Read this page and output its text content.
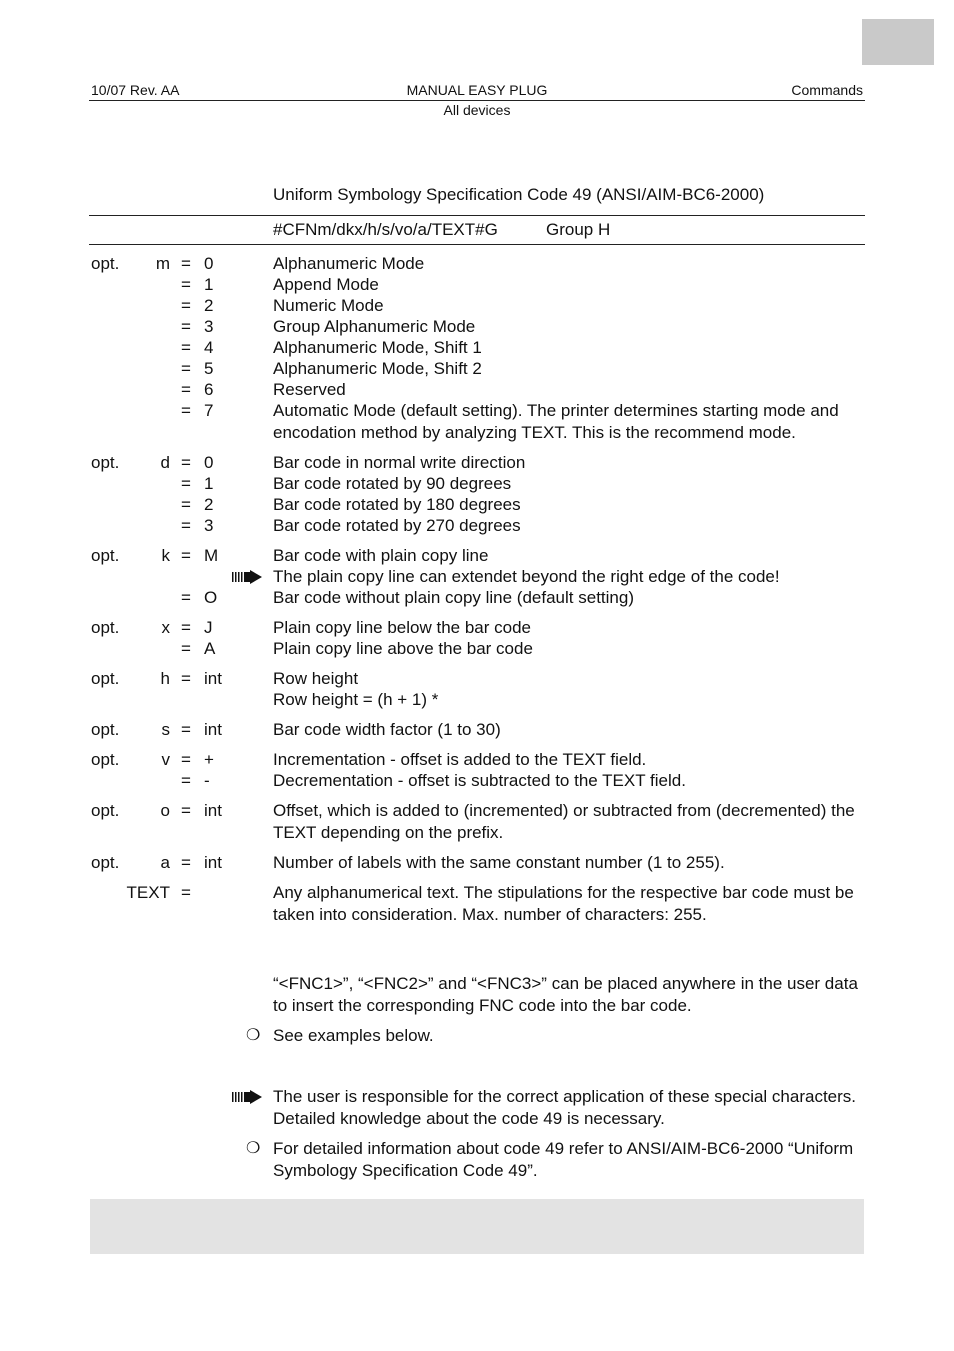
10/07 Rev. AA	MANUAL EASY PLUG	Commands
All devices
Uniform Symbology Specification Code 49 (ANSI/AIM-BC6-2000)
#CFNm/dkx/h/s/vo/a/TEXT#G	Group H
opt. m = 0	Alphanumeric Mode
= 1	Append Mode
= 2	Numeric Mode
= 3	Group Alphanumeric Mode
= 4	Alphanumeric Mode, Shift 1
= 5	Alphanumeric Mode, Shift 2
= 6	Reserved
= 7	Automatic Mode (default setting). The printer determines starting mode and encodation method by analyzing TEXT. This is the recommend mode.
opt. d = 0	Bar code in normal write direction
= 1	Bar code rotated by 90 degrees
= 2	Bar code rotated by 180 degrees
= 3	Bar code rotated by 270 degrees
opt. k = M	Bar code with plain copy line
The plain copy line can extendet beyond the right edge of the code!
= O	Bar code without plain copy line (default setting)
opt. x = J	Plain copy line below the bar code
= A	Plain copy line above the bar code
opt. h = int	Row height
Row height = (h + 1) *
opt. s = int	Bar code width factor (1 to 30)
opt. v = +	Incrementation - offset is added to the TEXT field.
= -	Decrementation - offset is subtracted to the TEXT field.
opt. o = int	Offset, which is added to (incremented) or subtracted from (decremented) the TEXT depending on the prefix.
opt. a = int	Number of labels with the same constant number (1 to 255).
TEXT =	Any alphanumerical text. The stipulations for the respective bar code must be taken into consideration. Max. number of characters: 255.
“<FNC1>”, “<FNC2>” and “<FNC3>” can be placed anywhere in the user data to insert the corresponding FNC code into the bar code.
❍ See examples below.
The user is responsible for the correct application of these special characters. Detailed knowledge about the code 49 is necessary.
❍ For detailed information about code 49 refer to ANSI/AIM-BC6-2000 “Uniform Symbology Specification Code 49”.
